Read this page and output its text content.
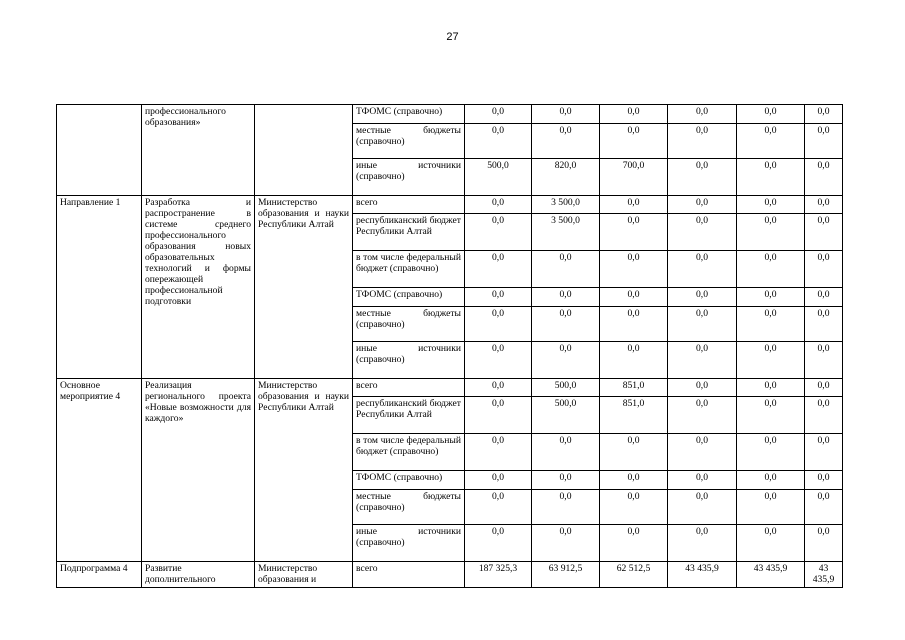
27
	профессионального образования»		ТФОМС (справочно)	0,0	0,0	0,0	0,0	0,0	0,0
			местные бюджеты (справочно)	0,0	0,0	0,0	0,0	0,0	0,0
			иные источники (справочно)	500,0	820,0	700,0	0,0	0,0	0,0
Направление 1	Разработка и распространение в системе среднего профессионального образования новых образовательных технологий и формы опережающей профессиональной подготовки	Министерство образования и науки Республики Алтай	всего	0,0	3 500,0	0,0	0,0	0,0	0,0
			республиканский бюджет Республики Алтай	0,0	3 500,0	0,0	0,0	0,0	0,0
			в том числе федеральный бюджет (справочно)	0,0	0,0	0,0	0,0	0,0	0,0
			ТФОМС (справочно)	0,0	0,0	0,0	0,0	0,0	0,0
			местные бюджеты (справочно)	0,0	0,0	0,0	0,0	0,0	0,0
			иные источники (справочно)	0,0	0,0	0,0	0,0	0,0	0,0
Основное мероприятие 4	Реализация регионального проекта «Новые возможности для каждого»	Министерство образования и науки Республики Алтай	всего	0,0	500,0	851,0	0,0	0,0	0,0
			республиканский бюджет Республики Алтай	0,0	500,0	851,0	0,0	0,0	0,0
			в том числе федеральный бюджет (справочно)	0,0	0,0	0,0	0,0	0,0	0,0
			ТФОМС (справочно)	0,0	0,0	0,0	0,0	0,0	0,0
			местные бюджеты (справочно)	0,0	0,0	0,0	0,0	0,0	0,0
			иные источники (справочно)	0,0	0,0	0,0	0,0	0,0	0,0
Подпрограмма 4	Развитие дополнительного	Министерство образования и	всего	187 325,3	63 912,5	62 512,5	43 435,9	43 435,9	43 435,9
